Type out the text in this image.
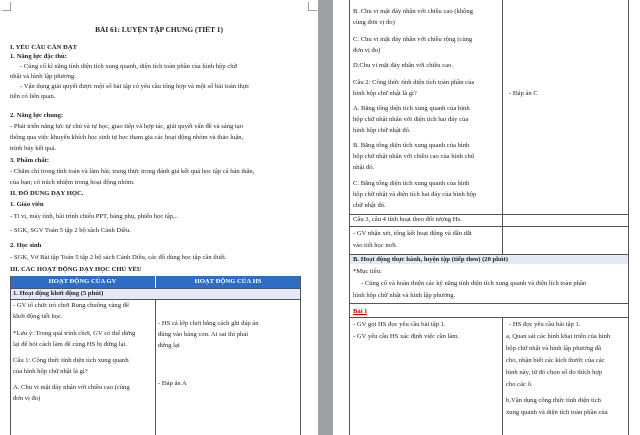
BÀI 61: LUYỆN TẬP CHUNG (TIẾT 1)
I. YÊU CẦU CẦN ĐẠT
1. Năng lực đặc thù:
- Củng cố kĩ năng tính diện tích xung quanh, diện tích toàn phần của hình hộp chữ
nhật và hình lập phương.
- Vận dụng giải quyết được một số bài tập có yêu cầu tổng hợp và một số bài toán thực
tiễn có liên quan.
2. Năng lực chung:
- Phát triển năng lực tự chủ và tự học, giao tiếp và hợp tác, giải quyết vấn đề và sáng tạo
thông qua việc khuyến khích học sinh tự học tham gia các hoạt động nhóm và thảo luận,
trình bày kết quả.
3. Phẩm chất:
- Chăm chỉ trong tính toán và làm bài; trung thực trong đánh giá kết quả học tập cá bản thân,
của bạn; có trách nhiệm trong hoạt động nhóm.
II. ĐỒ DÙNG DẠY HỌC.
1. Giáo viên
- Ti vi, máy tính, bài trình chiếu PPT, bảng phụ, phiếu học tập,..
- SGK, SGV Toán 5 tập 2 bộ sách Cánh Diều.
2. Học sinh
- SGK, Vở Bài tập Toán 5 tập 2 bộ sách Cánh Diều, các đồ dùng học tập cần thiết.
III. CÁC HOẠT ĐỘNG DẠY HỌC CHỦ YẾU
HOẠT ĐỘNG CỦA GV	HOẠT ĐỘNG CỦA HS
1. Hoạt động khởi động (5 phút)
- GV tổ chức trò chơi Rung chuông vàng để
khởi động tiết học.
*Lưu ý: Trong quá trình chơi, GV có thể dừng
lại để hỏi cách làm để củng HS bị đứng lại.
Câu 1: Công thức tính diện tích xung quanh
của hình hộp chữ nhật là gì?
A. Chu vi mặt đáy nhân với chiều cao (cùng
đơn vị đo)
- HS cả lớp chơi bằng cách ghi đáp án
đúng vào bảng con. Ai sai thì phải
đứng lại
- Đáp án A
B. Chu vi mặt đáy nhân với chiều cao (không
cùng đơn vị đo)
C. Chu vi mặt đáy nhân với chiều rộng (cùng
đơn vị đo)
D.Chu vi mặt đáy nhân với chiều cao.
Câu 2: Công thức tính diện tích toàn phần của
hình hộp chữ nhật là gì?
A. Bằng tổng diện tích xung quanh của hình
hộp chữ nhật nhân với diện tích hai đáy của
hình hộp chữ nhật đó.
B. Bằng tổng diện tích xung quanh của hình
hộp chữ nhật nhân với chiều cao của hình chữ
nhật đó.
C. Bằng tổng diện tích xung quanh của hình
hộp chữ nhật và diện tích hai đáy của hình hộp
chữ nhật đó.
- Đáp án C
Câu 3, câu 4 tính hoạt theo đối tượng Hs.
- GV nhận xét, tổng kết hoạt động và dẫn dắt
vào tiết học mới.
B. Hoạt động thực hành, luyện tập (tiếp theo) (20 phút)
*Mục tiêu:
- Củng cố và hoàn thiện các kỹ năng tính diện tích xung quanh và diện lích toàn phần
hình hộp chữ nhật và hình lập phương.
Bài 1
- GV gọi HS đọc yêu cầu bài tập 1.
- GV yêu cầu HS xác định việc cần làm.
- HS đọc yêu cầu bài tập 1.
a, Quan sát các hình khai triển của hình
hộp chữ nhật và hình lập phương đã
cho, nhận biết các kích thước của các
hình này, từ đó chọn số đo thích hợp
cho các ô.
b,Vận dụng công thức tính diện tích
xung quanh và diện tích toàn phần của
